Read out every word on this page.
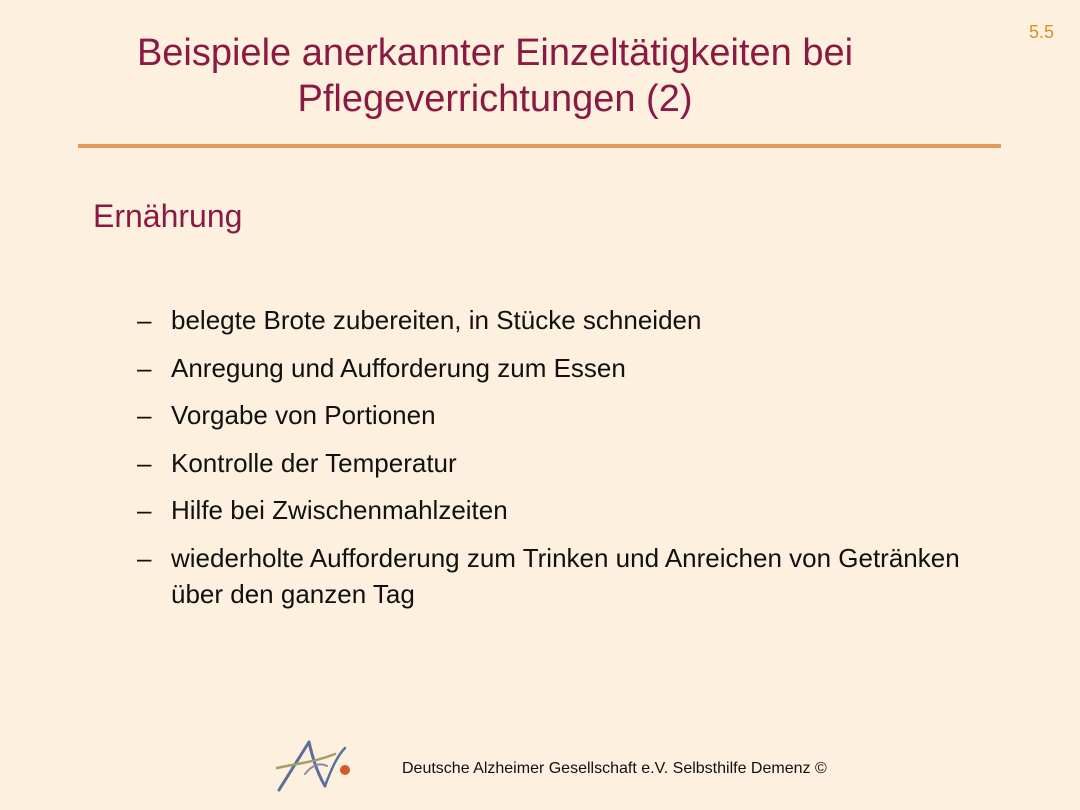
5.5
Beispiele anerkannter Einzeltätigkeiten bei
Pflegeverrichtungen (2)
Ernährung
– belegte Brote zubereiten, in Stücke schneiden
– Anregung und Aufforderung zum Essen
– Vorgabe von Portionen
– Kontrolle der Temperatur
– Hilfe bei Zwischenmahlzeiten
– wiederholte Aufforderung zum Trinken und Anreichen von Getränken über den ganzen Tag
Deutsche Alzheimer Gesellschaft e.V. Selbsthilfe Demenz ©
